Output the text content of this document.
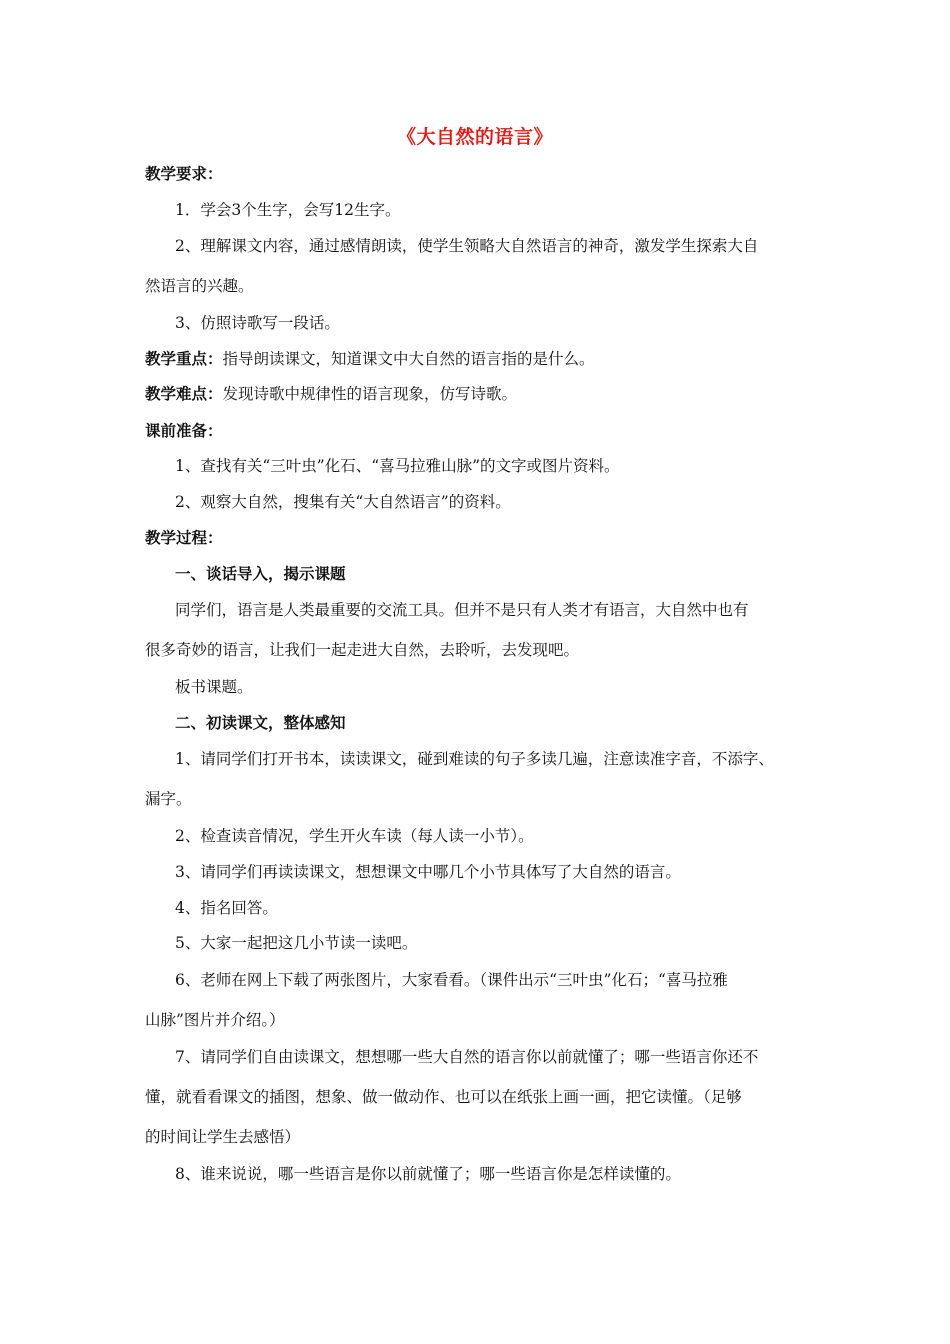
《大自然的语言》
教学要求：
1．学会3个生字，会写12生字。
2、理解课文内容，通过感情朗读，使学生领略大自然语言的神奇，激发学生探索大自
然语言的兴趣。
3、仿照诗歌写一段话。
教学重点：指导朗读课文，知道课文中大自然的语言指的是什么。
教学难点：发现诗歌中规律性的语言现象，仿写诗歌。
课前准备：
1、查找有关“三叶虫”化石、“喜马拉雅山脉”的文字或图片资料。
2、观察大自然，搜集有关“大自然语言”的资料。
教学过程：
一、谈话导入，揭示课题
同学们，语言是人类最重要的交流工具。但并不是只有人类才有语言，大自然中也有
很多奇妙的语言，让我们一起走进大自然，去聆听，去发现吧。
板书课题。
二、初读课文，整体感知
1、请同学们打开书本，读读课文，碰到难读的句子多读几遍，注意读准字音，不添字、
漏字。
2、检查读音情况，学生开火车读（每人读一小节）。
3、请同学们再读读课文，想想课文中哪几个小节具体写了大自然的语言。
4、指名回答。
5、大家一起把这几小节读一读吧。
6、老师在网上下载了两张图片，大家看看。（课件出示“三叶虫”化石；“喜马拉雅
山脉”图片并介绍。）
7、请同学们自由读课文，想想哪一些大自然的语言你以前就懂了；哪一些语言你还不
懂，就看看课文的插图，想象、做一做动作、也可以在纸张上画一画，把它读懂。（足够
的时间让学生去感悟）
8、谁来说说，哪一些语言是你以前就懂了；哪一些语言你是怎样读懂的。
